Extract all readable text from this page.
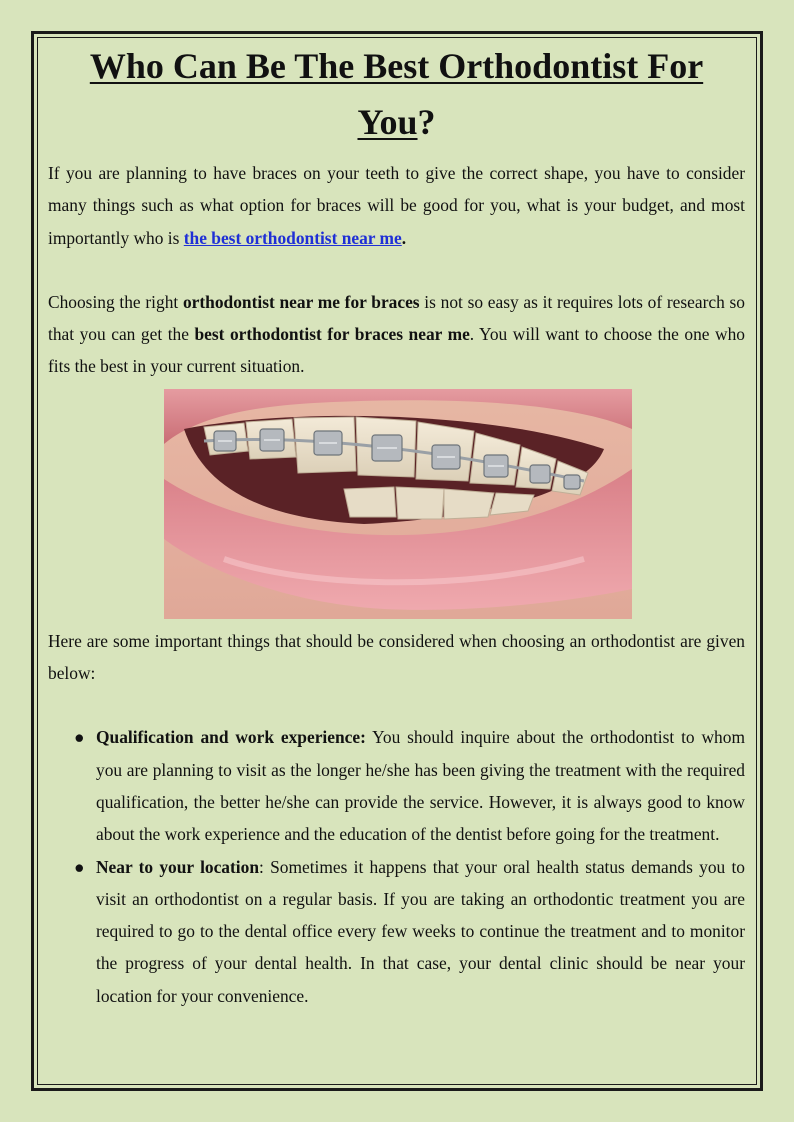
Who Can Be The Best Orthodontist For
You?

If you are planning to have braces on your teeth to give the correct shape, you have to consider many things such as what option for braces will be good for you, what is your budget, and most importantly who is the best orthodontist near me.

Choosing the right orthodontist near me for braces is not so easy as it requires lots of research so that you can get the best orthodontist for braces near me. You will want to choose the one who fits the best in your current situation.

Here are some important things that should be considered when choosing an orthodontist are given below:

● Qualification and work experience: You should inquire about the orthodontist to whom you are planning to visit as the longer he/she has been giving the treatment with the required qualification, the better he/she can provide the service. However, it is always good to know about the work experience and the education of the dentist before going for the treatment.
● Near to your location: Sometimes it happens that your oral health status demands you to visit an orthodontist on a regular basis. If you are taking an orthodontic treatment you are required to go to the dental office every few weeks to continue the treatment and to monitor the progress of your dental health. In that case, your dental clinic should be near your location for your convenience.
